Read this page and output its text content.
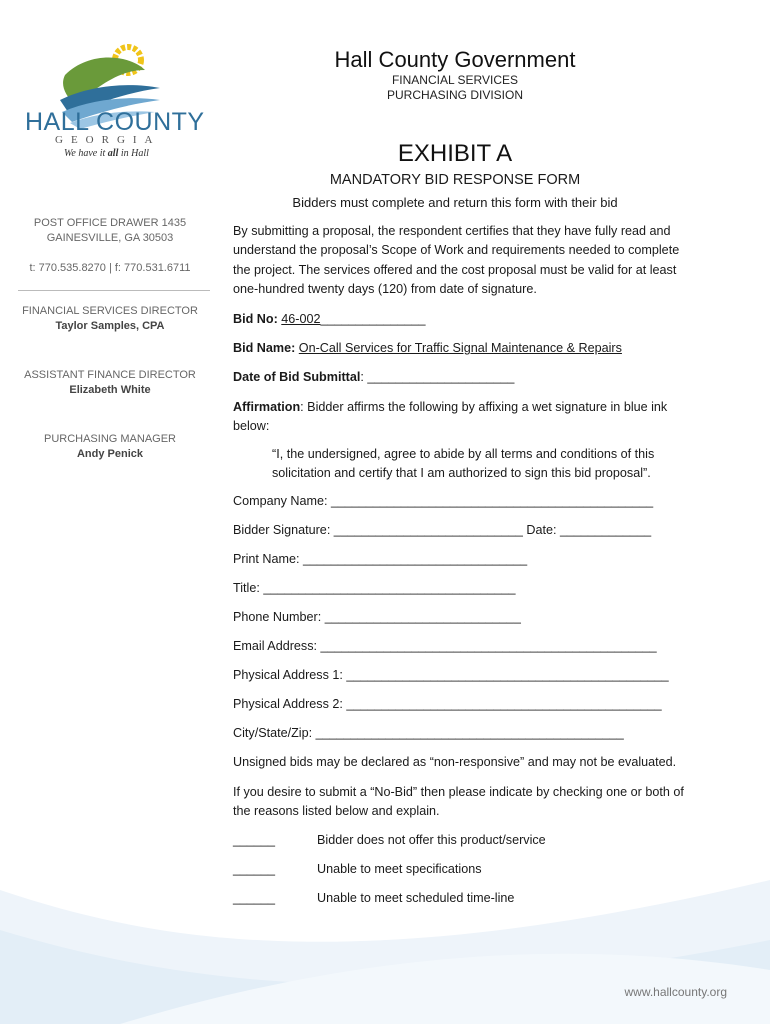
HALL COUNTY
GEORGIA
We have it all in Hall
Hall County Government
FINANCIAL SERVICES
PURCHASING DIVISION
EXHIBIT A
MANDATORY BID RESPONSE FORM
Bidders must complete and return this form with their bid
POST OFFICE DRAWER 1435
GAINESVILLE, GA 30503
t: 770.535.8270 | f: 770.531.6711
FINANCIAL SERVICES DIRECTOR
Taylor Samples, CPA
ASSISTANT FINANCE DIRECTOR
Elizabeth White
PURCHASING MANAGER
Andy Penick
By submitting a proposal, the respondent certifies that they have fully read and understand the proposal’s Scope of Work and requirements needed to complete the project. The services offered and the cost proposal must be valid for at least one-hundred twenty days (120) from date of signature.
Bid No: 46-002_______________
Bid Name: On-Call Services for Traffic Signal Maintenance & Repairs
Date of Bid Submittal: _____________________
Affirmation: Bidder affirms the following by affixing a wet signature in blue ink below:
“I, the undersigned, agree to abide by all terms and conditions of this solicitation and certify that I am authorized to sign this bid proposal”.
Company Name: ______________________________________________
Bidder Signature: ___________________________ Date: _____________
Print Name: ________________________________
Title: ____________________________________
Phone Number: ____________________________
Email Address: ________________________________________________
Physical Address 1: ______________________________________________
Physical Address 2: _____________________________________________
City/State/Zip: ____________________________________________
Unsigned bids may be declared as “non-responsive” and may not be evaluated.
If you desire to submit a “No-Bid” then please indicate by checking one or both of the reasons listed below and explain.
______	Bidder does not offer this product/service
______	Unable to meet specifications
______	Unable to meet scheduled time-line
www.hallcounty.org
